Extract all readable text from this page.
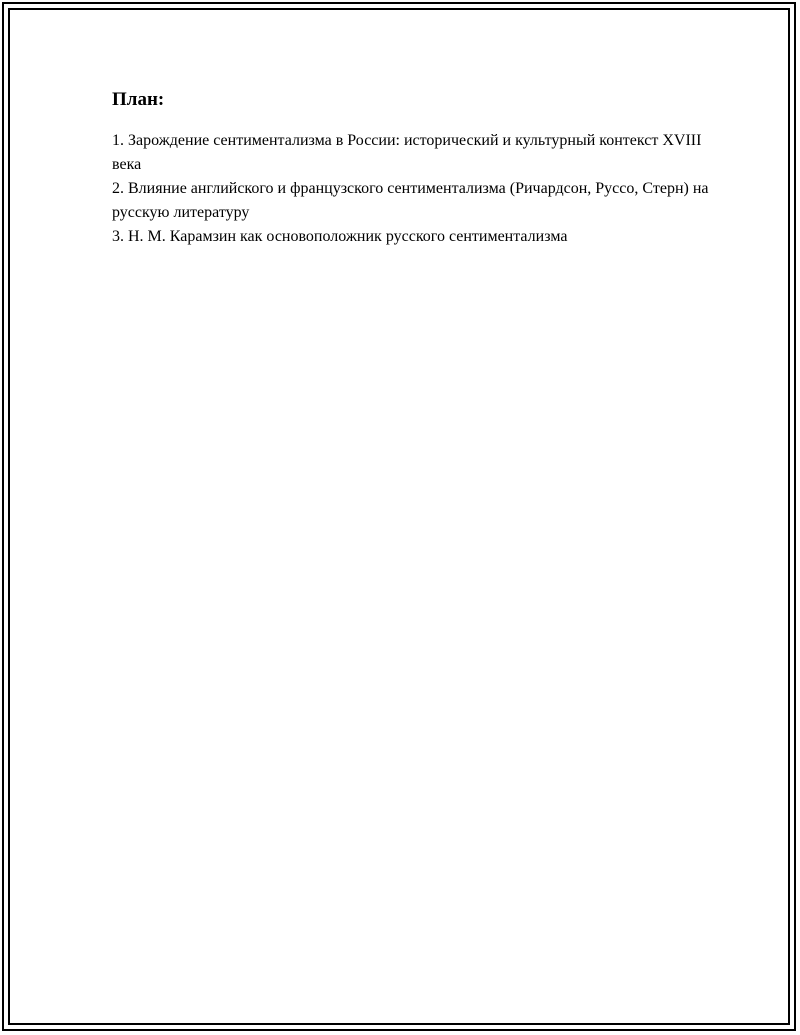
План:
1. Зарождение сентиментализма в России: исторический и культурный контекст XVIII века
2. Влияние английского и французского сентиментализма (Ричардсон, Руссо, Стерн) на русскую литературу
3. Н. М. Карамзин как основоположник русского сентиментализма
